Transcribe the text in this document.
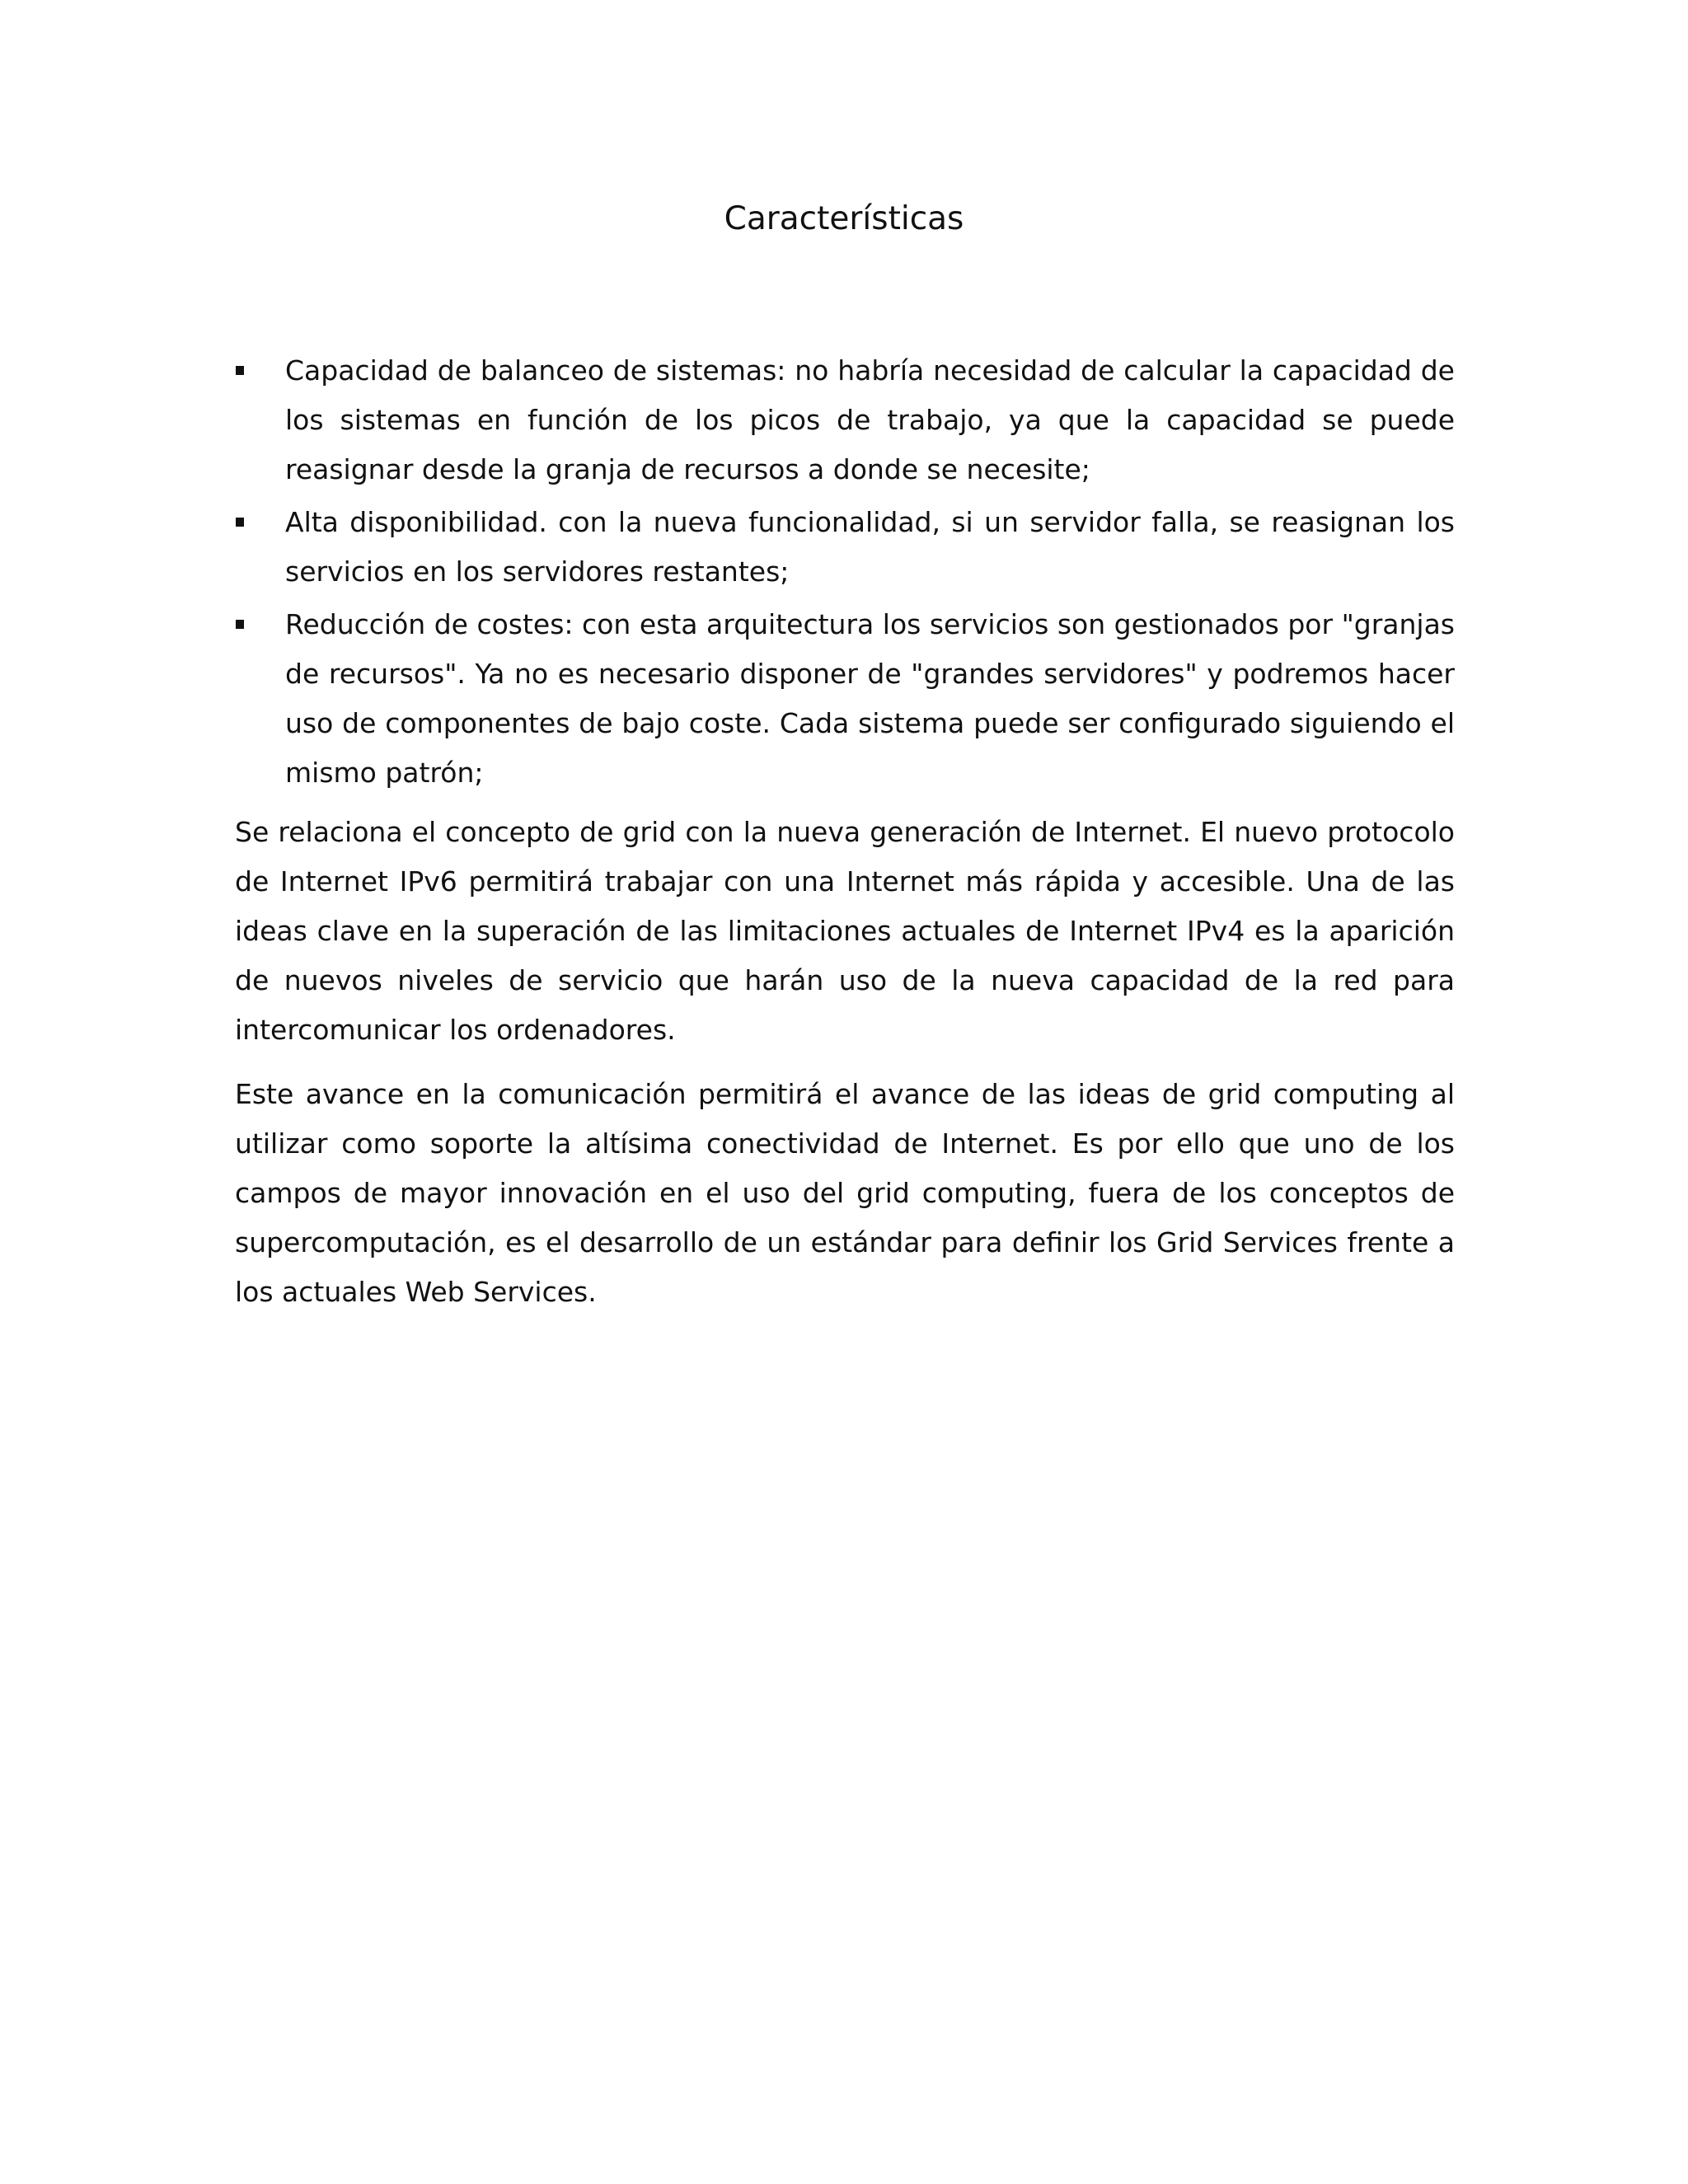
Características
Capacidad de balanceo de sistemas: no habría necesidad de calcular la capacidad de los sistemas en función de los picos de trabajo, ya que la capacidad se puede reasignar desde la granja de recursos a donde se necesite;
Alta disponibilidad. con la nueva funcionalidad, si un servidor falla, se reasignan los servicios en los servidores restantes;
Reducción de costes: con esta arquitectura los servicios son gestionados por "granjas de recursos". Ya no es necesario disponer de "grandes servidores" y podremos hacer uso de componentes de bajo coste. Cada sistema puede ser configurado siguiendo el mismo patrón;

Se relaciona el concepto de grid con la nueva generación de Internet. El nuevo protocolo de Internet IPv6 permitirá trabajar con una Internet más rápida y accesible. Una de las ideas clave en la superación de las limitaciones actuales de Internet IPv4 es la aparición de nuevos niveles de servicio que harán uso de la nueva capacidad de la red para intercomunicar los ordenadores.

Este avance en la comunicación permitirá el avance de las ideas de grid computing al utilizar como soporte la altísima conectividad de Internet. Es por ello que uno de los campos de mayor innovación en el uso del grid computing, fuera de los conceptos de supercomputación, es el desarrollo de un estándar para definir los Grid Services frente a los actuales Web Services.
